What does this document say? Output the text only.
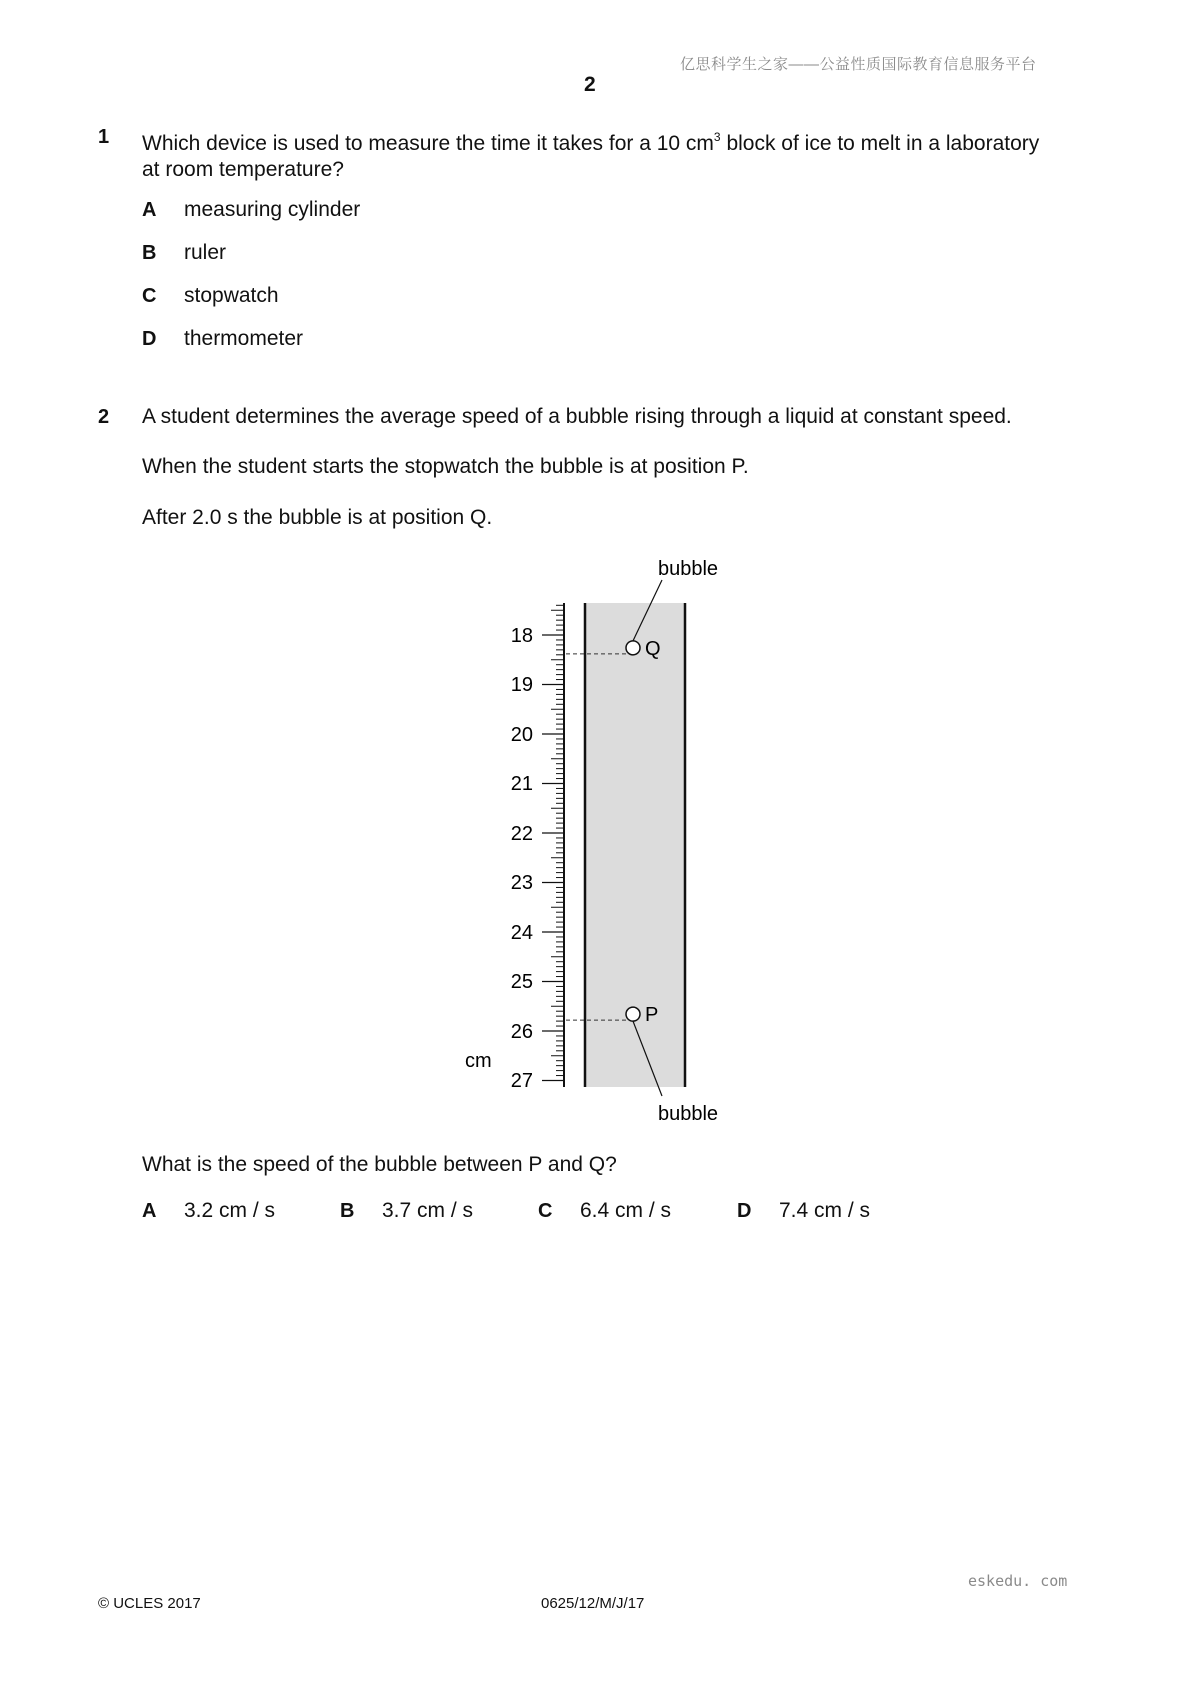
亿思科学生之家——公益性质国际教育信息服务平台
2
1 Which device is used to measure the time it takes for a 10 $cm^3$ block of ice to melt in a laboratory
at room temperature?
A measuring cylinder
B ruler
C stopwatch
D thermometer
2 A student determines the average speed of a bubble rising through a liquid at constant speed.
When the student starts the stopwatch the bubble is at position P.
After 2.0 s the bubble is at position Q.
18
19
20
21
22
23
24
25
26
27
cm
Q
bubble
P
bubble
What is the speed of the bubble between P and Q?
A 3.2 cm / s	B 3.7 cm / s	C 6.4 cm / s	D 7.4 cm / s
eskedu. com
© UCLES 2017	0625/12/M/J/17
